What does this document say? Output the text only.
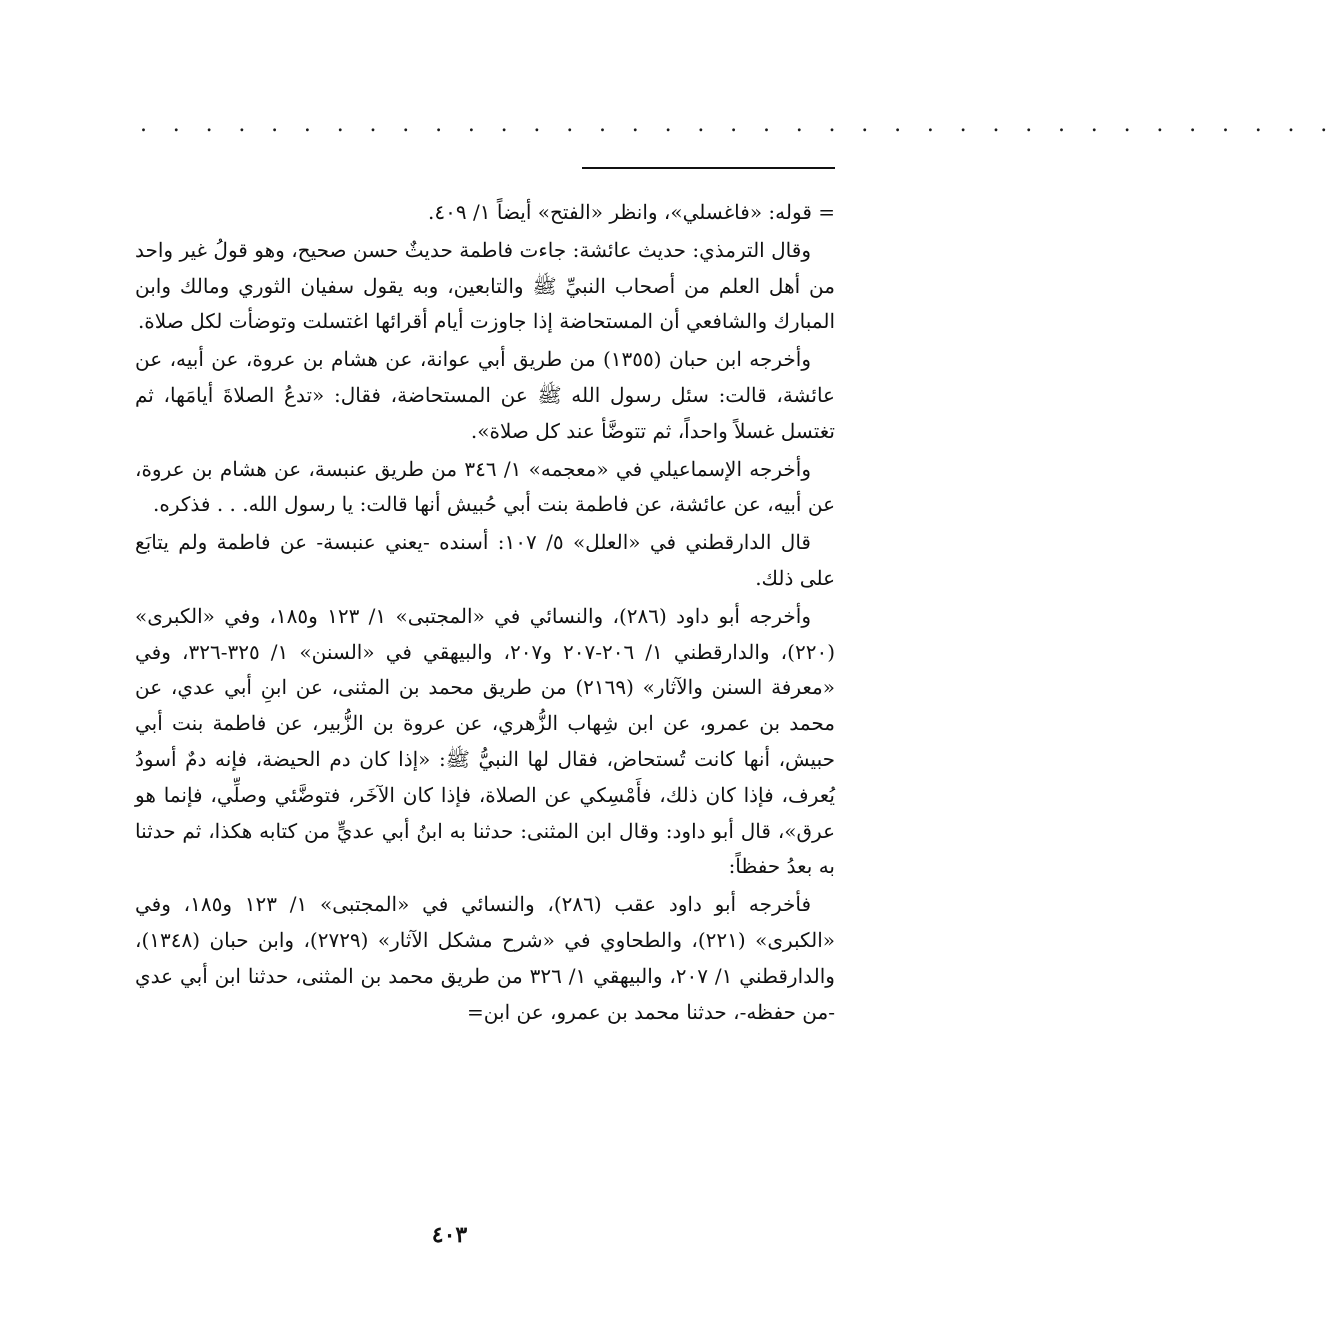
. . . . . . . . . . . . . . . . . . . . . . . . . . . . . . . . . . . . .

= قوله: «فاغسلي»، وانظر «الفتح» أيضاً ١/ ٤٠٩.

وقال الترمذي: حديث عائشة: جاءت فاطمة حديثٌ حسن صحيح، وهو قولُ غير واحد من أهل العلم من أصحاب النبيِّ ﷺ والتابعين، وبه يقول سفيان الثوري ومالك وابن المبارك والشافعي أن المستحاضة إذا جاوزت أيام أقرائها اغتسلت وتوضأت لكل صلاة.

وأخرجه ابن حبان (١٣٥٥) من طريق أبي عوانة، عن هشام بن عروة، عن أبيه، عن عائشة، قالت: سئل رسول الله ﷺ عن المستحاضة، فقال: «تدعُ الصلاةَ أيامَها، ثم تغتسل غسلاً واحداً، ثم تتوضَّأ عند كل صلاة».

وأخرجه الإسماعيلي في «معجمه» ١/ ٣٤٦ من طريق عنبسة، عن هشام بن عروة، عن أبيه، عن عائشة، عن فاطمة بنت أبي حُبيش أنها قالت: يا رسول الله. . . فذكره.

قال الدارقطني في «العلل» ٥/ ١٠٧: أسنده -يعني عنبسة- عن فاطمة ولم يتابَع على ذلك.

وأخرجه أبو داود (٢٨٦)، والنسائي في «المجتبى» ١/ ١٢٣ و١٨٥، وفي «الكبرى» (٢٢٠)، والدارقطني ١/ ٢٠٦-٢٠٧ و٢٠٧، والبيهقي في «السنن» ١/ ٣٢٥-٣٢٦، وفي «معرفة السنن والآثار» (٢١٦٩) من طريق محمد بن المثنى، عن ابنِ أبي عدي، عن محمد بن عمرو، عن ابن شِهاب الزُّهري، عن عروة بن الزُّبير، عن فاطمة بنت أبي حبيش، أنها كانت تُستحاض، فقال لها النبيُّ ﷺ: «إذا كان دم الحيضة، فإنه دمٌ أسودُ يُعرف، فإذا كان ذلك، فأَمْسِكي عن الصلاة، فإذا كان الآخَر، فتوضَّئي وصلِّي، فإنما هو عرق»، قال أبو داود: وقال ابن المثنى: حدثنا به ابنُ أبي عديٍّ من كتابه هكذا، ثم حدثنا به بعدُ حفظاً:

فأخرجه أبو داود عقب (٢٨٦)، والنسائي في «المجتبى» ١/ ١٢٣ و١٨٥، وفي «الكبرى» (٢٢١)، والطحاوي في «شرح مشكل الآثار» (٢٧٢٩)، وابن حبان (١٣٤٨)، والدارقطني ١/ ٢٠٧، والبيهقي ١/ ٣٢٦ من طريق محمد بن المثنى، حدثنا ابن أبي عدي -من حفظه-، حدثنا محمد بن عمرو، عن ابن=

٤٠٣
